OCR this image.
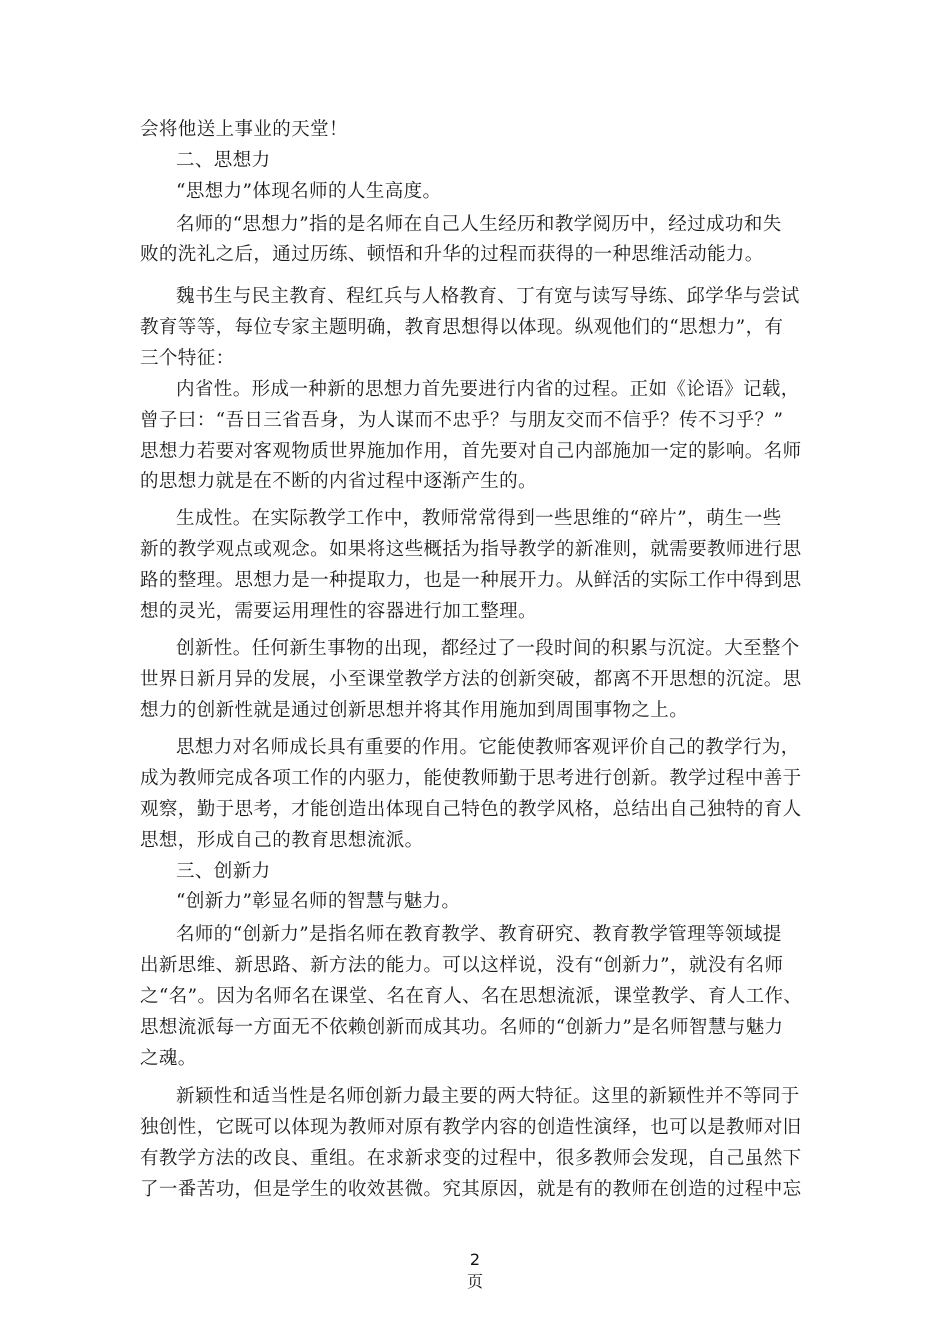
会将他送上事业的天堂！
二、思想力
“思想力”体现名师的人生高度。
名师的“思想力”指的是名师在自己人生经历和教学阅历中，经过成功和失
败的洗礼之后，通过历练、顿悟和升华的过程而获得的一种思维活动能力。
魏书生与民主教育、程红兵与人格教育、丁有宽与读写导练、邱学华与尝试
教育等等，每位专家主题明确，教育思想得以体现。纵观他们的“思想力”，有
三个特征：
内省性。形成一种新的思想力首先要进行内省的过程。正如《论语》记载，
曾子曰：“吾日三省吾身，为人谋而不忠乎？与朋友交而不信乎？传不习乎？”
思想力若要对客观物质世界施加作用，首先要对自己内部施加一定的影响。名师
的思想力就是在不断的内省过程中逐渐产生的。
生成性。在实际教学工作中，教师常常得到一些思维的“碎片”，萌生一些
新的教学观点或观念。如果将这些概括为指导教学的新准则，就需要教师进行思
路的整理。思想力是一种提取力，也是一种展开力。从鲜活的实际工作中得到思
想的灵光，需要运用理性的容器进行加工整理。
创新性。任何新生事物的出现，都经过了一段时间的积累与沉淀。大至整个
世界日新月异的发展，小至课堂教学方法的创新突破，都离不开思想的沉淀。思
想力的创新性就是通过创新思想并将其作用施加到周围事物之上。
思想力对名师成长具有重要的作用。它能使教师客观评价自己的教学行为，
成为教师完成各项工作的内驱力，能使教师勤于思考进行创新。教学过程中善于
观察，勤于思考，才能创造出体现自己特色的教学风格，总结出自己独特的育人
思想，形成自己的教育思想流派。
三、创新力
“创新力”彰显名师的智慧与魅力。
名师的“创新力”是指名师在教育教学、教育研究、教育教学管理等领域提
出新思维、新思路、新方法的能力。可以这样说，没有“创新力”，就没有名师
之“名”。因为名师名在课堂、名在育人、名在思想流派，课堂教学、育人工作、
思想流派每一方面无不依赖创新而成其功。名师的“创新力”是名师智慧与魅力
之魂。
新颖性和适当性是名师创新力最主要的两大特征。这里的新颖性并不等同于
独创性，它既可以体现为教师对原有教学内容的创造性演绎，也可以是教师对旧
有教学方法的改良、重组。在求新求变的过程中，很多教师会发现，自己虽然下
了一番苦功，但是学生的收效甚微。究其原因，就是有的教师在创造的过程中忘
2
页
